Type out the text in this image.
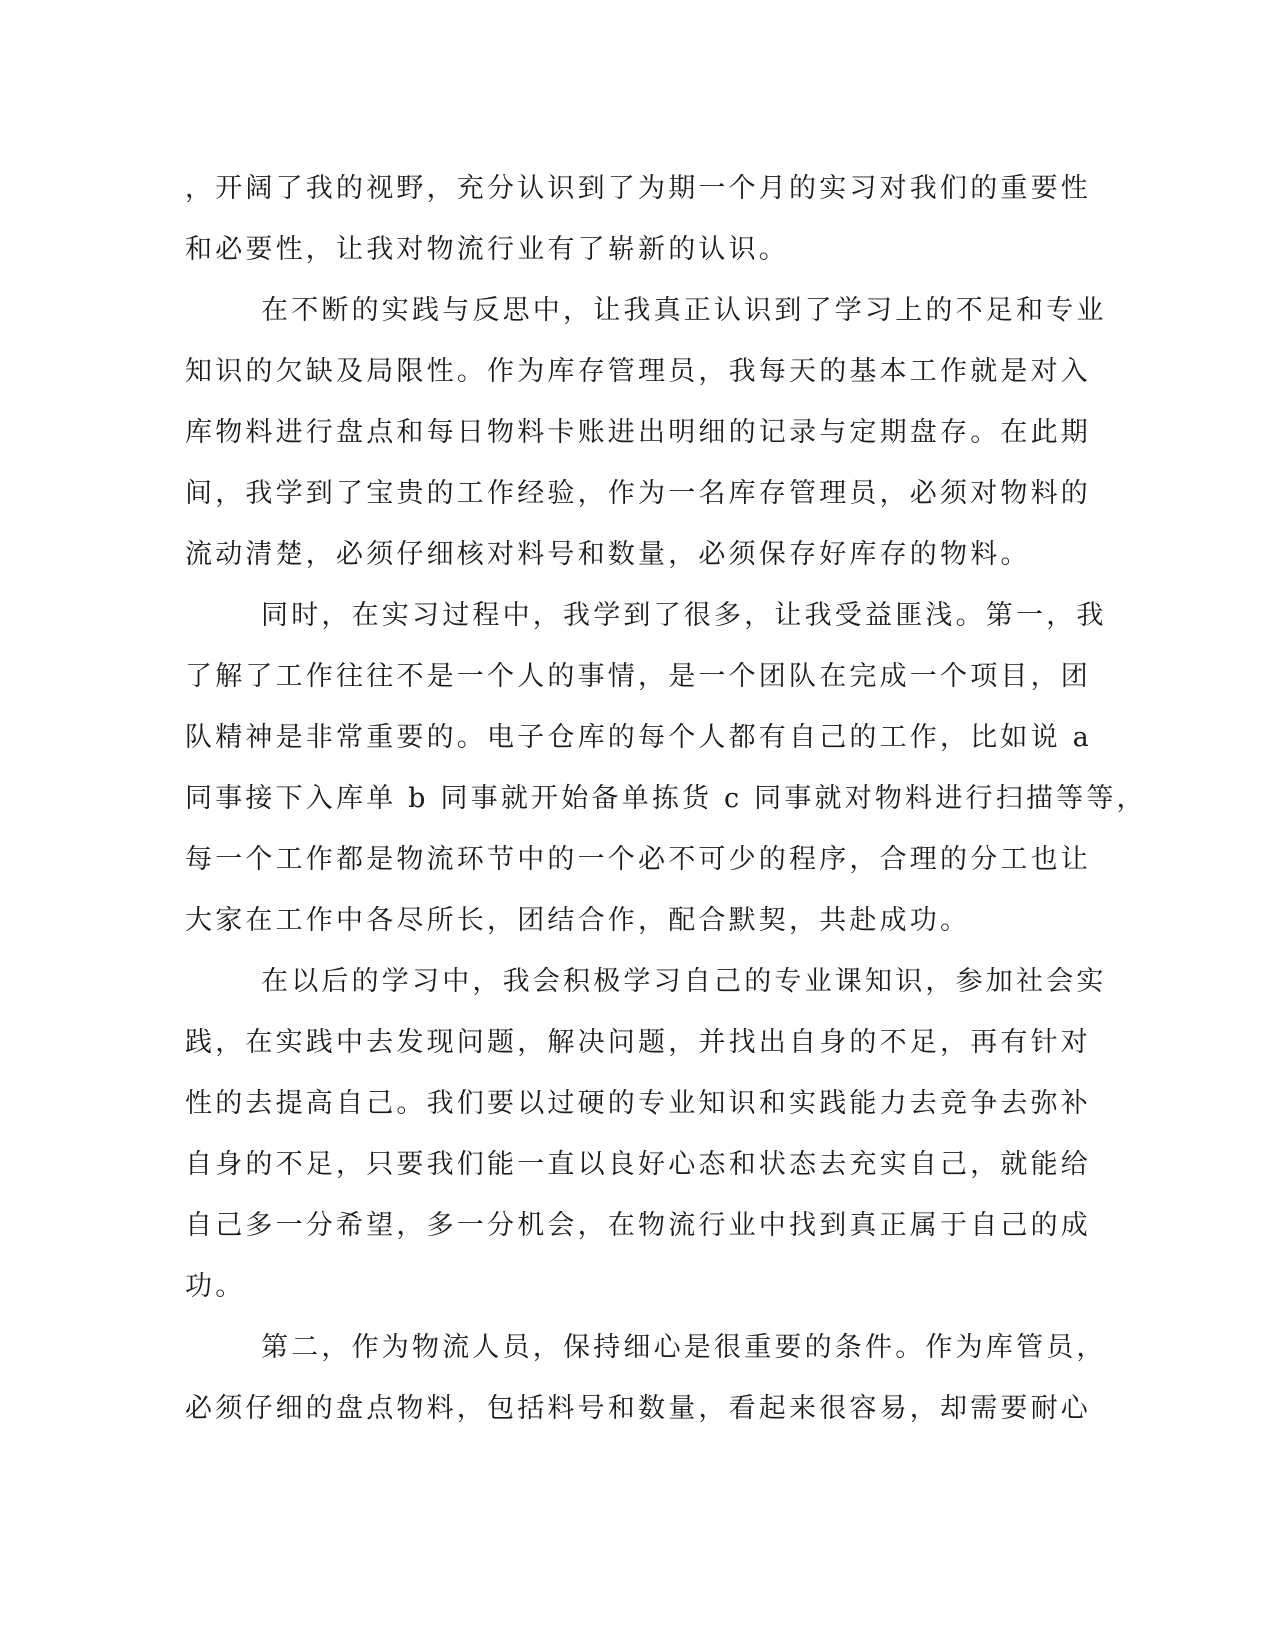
，开阔了我的视野，充分认识到了为期一个月的实习对我们的重要性
和必要性，让我对物流行业有了崭新的认识。
在不断的实践与反思中，让我真正认识到了学习上的不足和专业
知识的欠缺及局限性。作为库存管理员，我每天的基本工作就是对入
库物料进行盘点和每日物料卡账进出明细的记录与定期盘存。在此期
间，我学到了宝贵的工作经验，作为一名库存管理员，必须对物料的
流动清楚，必须仔细核对料号和数量，必须保存好库存的物料。
同时，在实习过程中，我学到了很多，让我受益匪浅。第一，我
了解了工作往往不是一个人的事情，是一个团队在完成一个项目，团
队精神是非常重要的。电子仓库的每个人都有自己的工作，比如说 a
同事接下入库单 b 同事就开始备单拣货 c 同事就对物料进行扫描等等，
每一个工作都是物流环节中的一个必不可少的程序，合理的分工也让
大家在工作中各尽所长，团结合作，配合默契，共赴成功。
在以后的学习中，我会积极学习自己的专业课知识，参加社会实
践，在实践中去发现问题，解决问题，并找出自身的不足，再有针对
性的去提高自己。我们要以过硬的专业知识和实践能力去竞争去弥补
自身的不足，只要我们能一直以良好心态和状态去充实自己，就能给
自己多一分希望，多一分机会，在物流行业中找到真正属于自己的成
功。
第二，作为物流人员，保持细心是很重要的条件。作为库管员，
必须仔细的盘点物料，包括料号和数量，看起来很容易，却需要耐心
